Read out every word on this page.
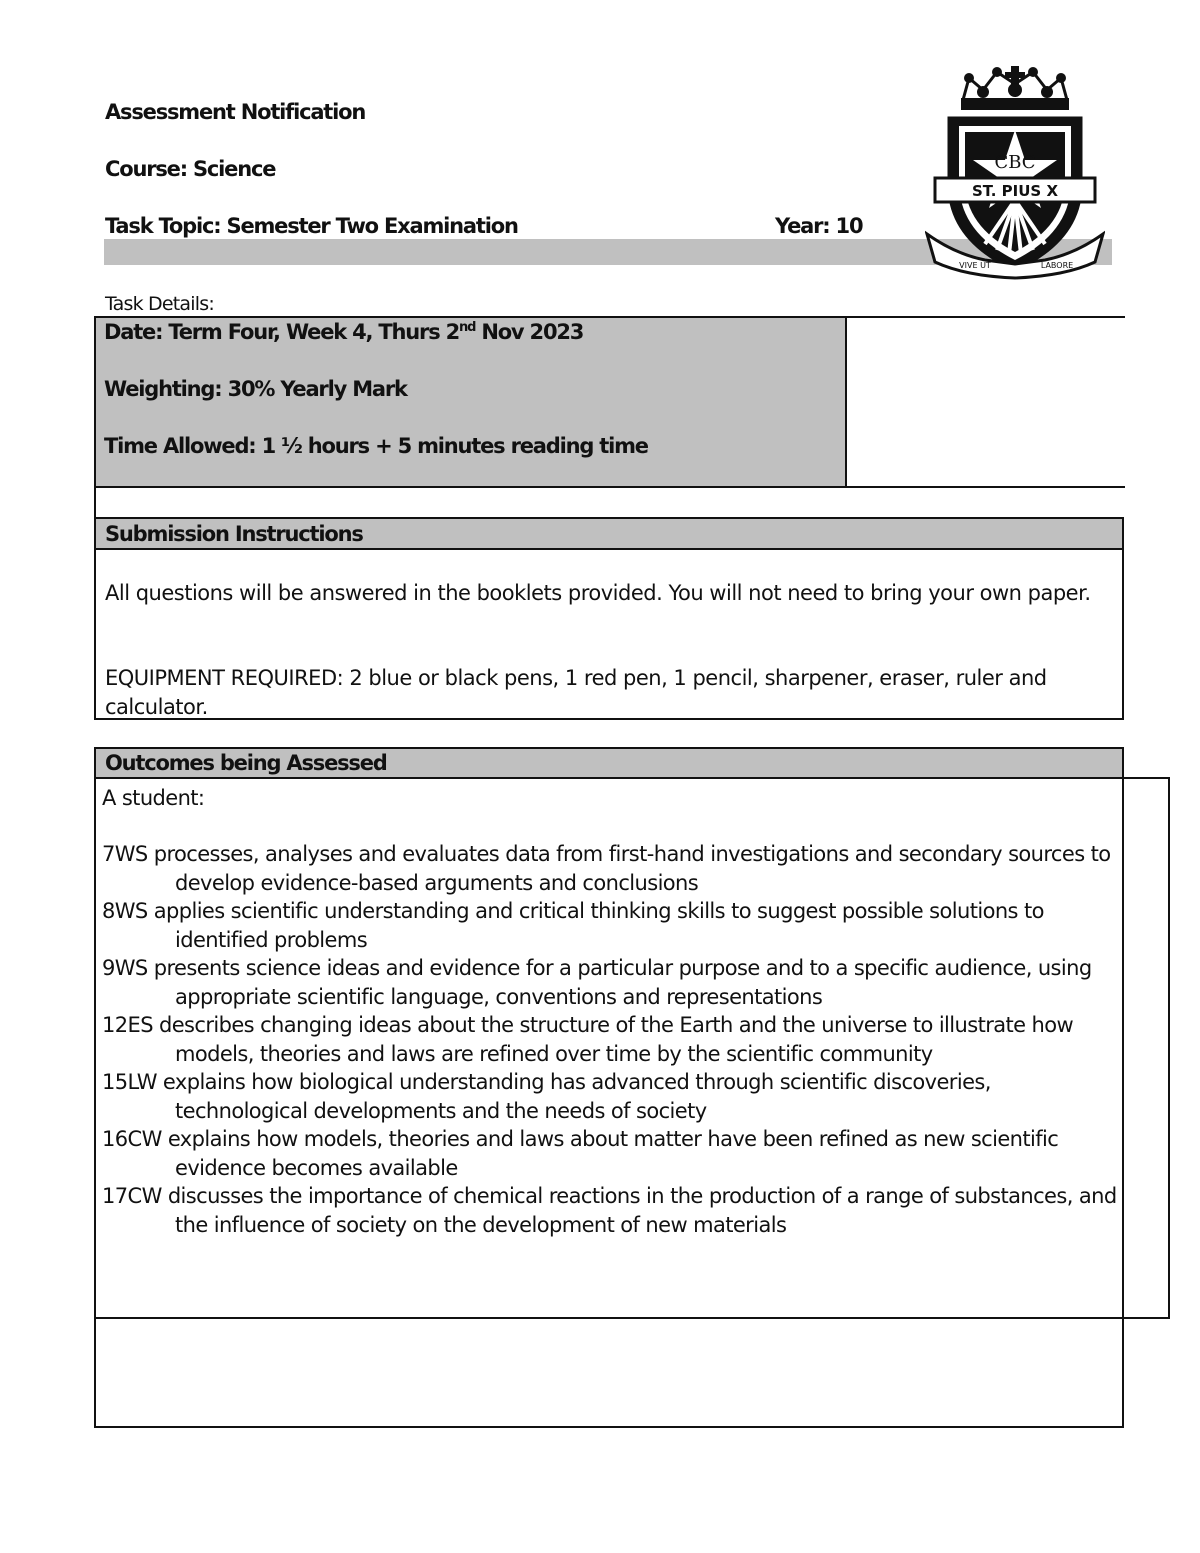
Assessment Notification
Course: Science
Task Topic: Semester Two Examination	Year: 10
CBC
ST. PIUS X
VIVE UT	LABORE
Task Details:
Date: Term Four, Week 4, Thurs 2nd Nov 2023
Weighting: 30% Yearly Mark
Time Allowed: 1 ½ hours + 5 minutes reading time
Submission Instructions
All questions will be answered in the booklets provided. You will not need to bring your own paper.
EQUIPMENT REQUIRED: 2 blue or black pens, 1 red pen, 1 pencil, sharpener, eraser, ruler and calculator.
Outcomes being Assessed
A student:
7WS processes, analyses and evaluates data from first-hand investigations and secondary sources to
develop evidence-based arguments and conclusions
8WS applies scientific understanding and critical thinking skills to suggest possible solutions to
identified problems
9WS presents science ideas and evidence for a particular purpose and to a specific audience, using
appropriate scientific language, conventions and representations
12ES describes changing ideas about the structure of the Earth and the universe to illustrate how
models, theories and laws are refined over time by the scientific community
15LW explains how biological understanding has advanced through scientific discoveries,
technological developments and the needs of society
16CW explains how models, theories and laws about matter have been refined as new scientific
evidence becomes available
17CW discusses the importance of chemical reactions in the production of a range of substances, and
the influence of society on the development of new materials
